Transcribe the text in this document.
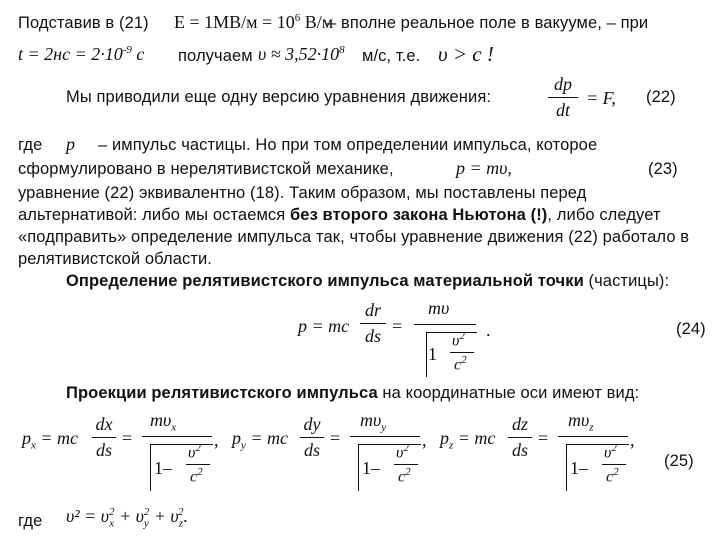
Подставив в (21) $E = 1МВ/м = 10^6$ В/м
– вполне реальное поле в вакууме, – при
$t = 2нс = 2\cdot 10^{-9}$ с получаем $\upsilon \approx 3,52\cdot 10^8$ м/с, т.е. υ > c !
Мы приводили еще одну версию уравнения движения:
dp
dt
= F, (22)
где p – импульс частицы. Но при том определении импульса, которое
сформулировано в нерелятивистской механике,	p = mυ,	(23)
уравнение (22) эквивалентно (18). Таким образом, мы поставлены перед
альтернативой: либо мы остаемся без второго закона Ньютона (!), либо следует
«подправить» определение импульса так, чтобы уравнение движения (22) работало в
релятивистской области.
Определение релятивистского импульса материальной точки (частицы):
p = mc
dr
ds =
mυ
1
$\upsilon^2$
$c^2$
.	(24)
Проекции релятивистского импульса на координатные оси имеют вид:
$p_x$ = mc
dx
ds
=
$m\upsilon_x$
1–
$\upsilon^2$
$c^2$
, $p_y$ = mc
dy
ds
=
$m\upsilon_y$
1–
$\upsilon^2$
$c^2$
, $p_z$ = mc
dz
ds
=
$m\upsilon_z$
1–
$\upsilon^2$
$c^2$
,
(25)
где $\upsilon^2 = \upsilon_x^2 + \upsilon_y^2 + \upsilon_z^2$.
